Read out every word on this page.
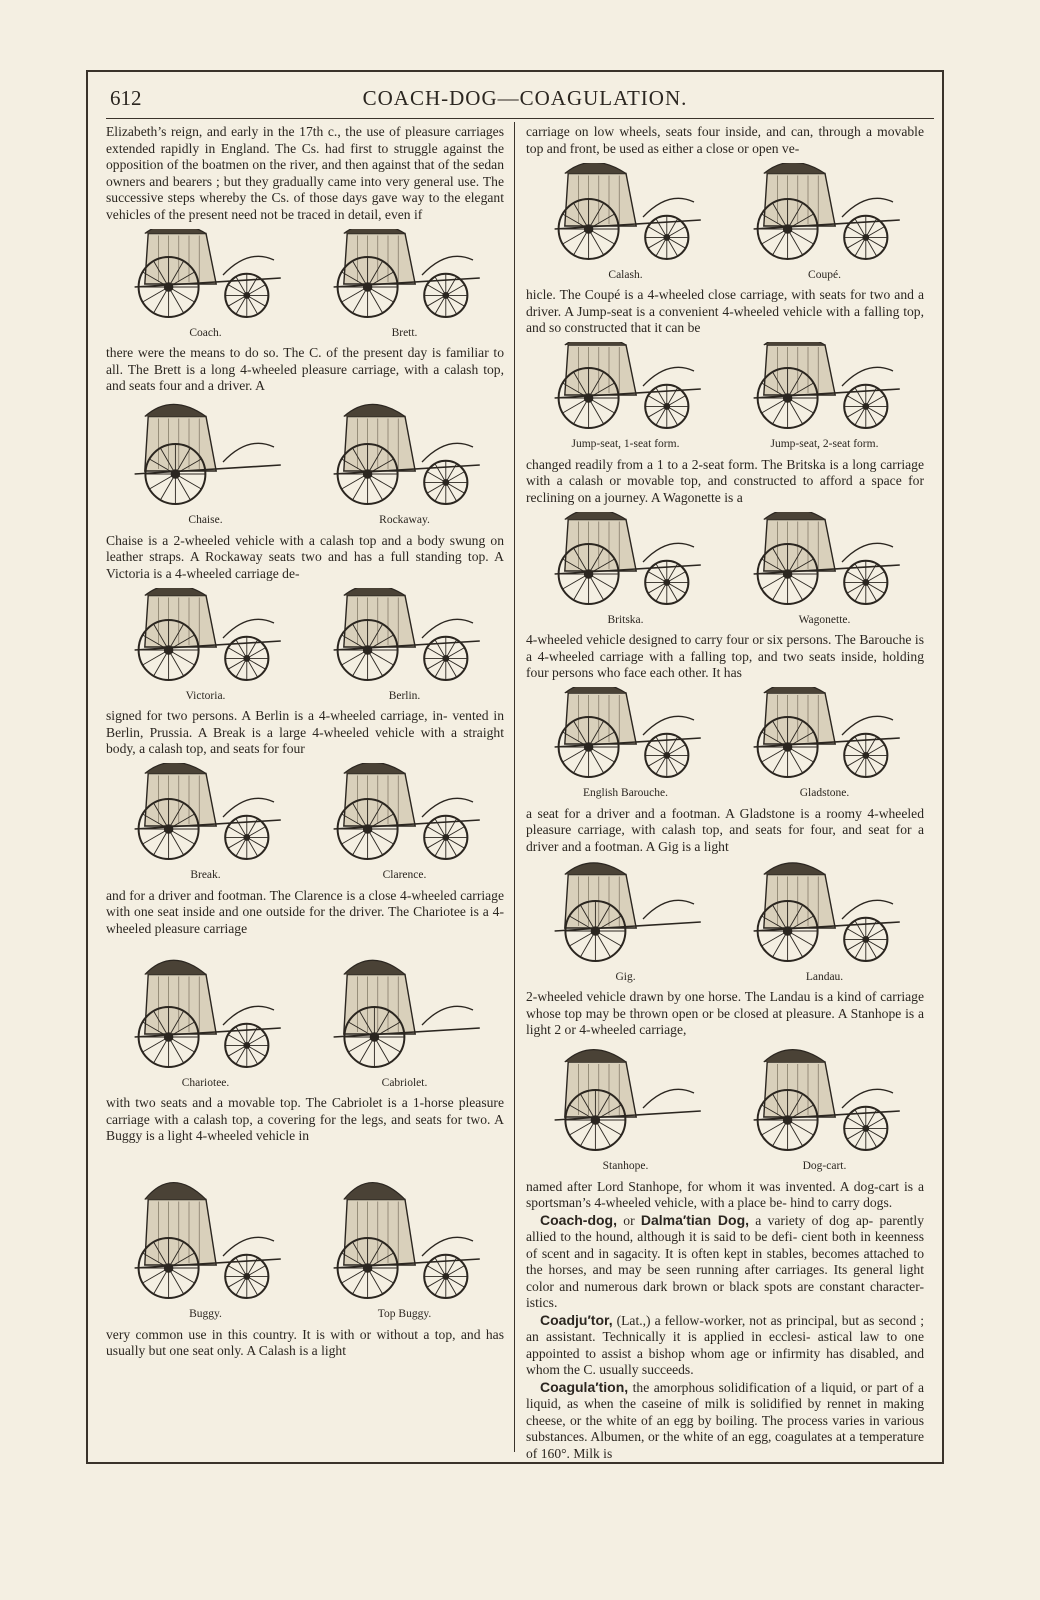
612	COACH-DOG—COAGULATION.

Elizabeth’s reign, and early in the 17th c., the use of pleasure carriages extended rapidly in England. The Cs. had first to struggle against the opposition of the boatmen on the river, and then against that of the sedan owners and bearers ; but they gradually came into very general use. The successive steps whereby the Cs. of those days gave way to the elegant vehicles of the present need not be traced in detail, even if

Coach.	Brett.

there were the means to do so. The C. of the present day is familiar to all. The Brett is a long 4-wheeled pleasure carriage, with a calash top, and seats four and a driver. A

Chaise.	Rockaway.

Chaise is a 2-wheeled vehicle with a calash top and a body swung on leather straps. A Rockaway seats two and has a full standing top. A Victoria is a 4-wheeled carriage de-

Victoria.	Berlin.

signed for two persons. A Berlin is a 4-wheeled carriage, in- vented in Berlin, Prussia. A Break is a large 4-wheeled vehicle with a straight body, a calash top, and seats for four

Break.	Clarence.

and for a driver and footman. The Clarence is a close 4-wheeled carriage with one seat inside and one outside for the driver. The Chariotee is a 4-wheeled pleasure carriage

Chariotee.	Cabriolet.

with two seats and a movable top. The Cabriolet is a 1-horse pleasure carriage with a calash top, a covering for the legs, and seats for two. A Buggy is a light 4-wheeled vehicle in

Buggy.	Top Buggy.

very common use in this country. It is with or without a top, and has usually but one seat only. A Calash is a light

carriage on low wheels, seats four inside, and can, through a movable top and front, be used as either a close or open ve-

Calash.	Coupé.

hicle. The Coupé is a 4-wheeled close carriage, with seats for two and a driver. A Jump-seat is a convenient 4-wheeled vehicle with a falling top, and so constructed that it can be

Jump-seat, 1-seat form.	Jump-seat, 2-seat form.

changed readily from a 1 to a 2-seat form. The Britska is a long carriage with a calash or movable top, and constructed to afford a space for reclining on a journey. A Wagonette is a

Britska.	Wagonette.

4-wheeled vehicle designed to carry four or six persons. The Barouche is a 4-wheeled carriage with a falling top, and two seats inside, holding four persons who face each other. It has

English Barouche.	Gladstone.

a seat for a driver and a footman. A Gladstone is a roomy 4-wheeled pleasure carriage, with calash top, and seats for four, and seat for a driver and a footman. A Gig is a light

Gig.	Landau.

2-wheeled vehicle drawn by one horse. The Landau is a kind of carriage whose top may be thrown open or be closed at pleasure. A Stanhope is a light 2 or 4-wheeled carriage,

Stanhope.	Dog-cart.

named after Lord Stanhope, for whom it was invented. A dog-cart is a sportsman’s 4-wheeled vehicle, with a place be- hind to carry dogs.

Coach-dog, or Dalma′tian Dog, a variety of dog ap- parently allied to the hound, although it is said to be defi- cient both in keenness of scent and in sagacity. It is often kept in stables, becomes attached to the horses, and may be seen running after carriages. Its general light color and numerous dark brown or black spots are constant character- istics.

Coadju′tor, (Lat.,) a fellow-worker, not as principal, but as second ; an assistant. Technically it is applied in ecclesi- astical law to one appointed to assist a bishop whom age or infirmity has disabled, and whom the C. usually succeeds.

Coagula′tion, the amorphous solidification of a liquid, or part of a liquid, as when the caseine of milk is solidified by rennet in making cheese, or the white of an egg by boiling. The process varies in various substances. Albumen, or the white of an egg, coagulates at a temperature of 160°. Milk is
